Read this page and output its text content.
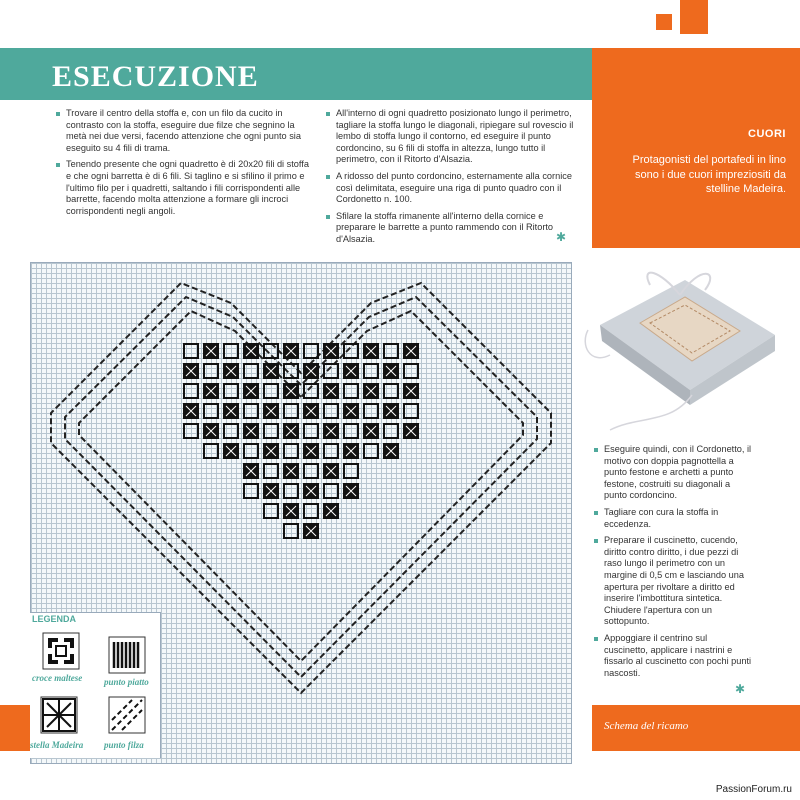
ESECUZIONE
CUORI
Protagonisti del portafedi in lino sono i due cuori impreziositi da stelline Madeira.
Trovare il centro della stoffa e, con un filo da cucito in contrasto con la stoffa, eseguire due filze che segnino la metà nei due versi, facendo attenzione che ogni punto sia eseguito su 4 fili di trama.
Tenendo presente che ogni quadretto è di 20x20 fili di stoffa e che ogni barretta è di 6 fili. Si taglino e si sfilino il primo e l'ultimo filo per i quadretti, saltando i fili corrispondenti alle barrette, facendo molta attenzione a formare gli incroci corrispondenti negli angoli.
All'interno di ogni quadretto posizionato lungo il perimetro, tagliare la stoffa lungo le diagonali, ripiegare sul rovescio il lembo di stoffa lungo il contorno, ed eseguire il punto cordoncino, su 6 fili di stoffa in altezza, lungo tutto il perimetro, con il Ritorto d'Alsazia.
A ridosso del punto cordoncino, esternamente alla cornice così delimitata, eseguire una riga di punto quadro con il Cordonetto n. 100.
Sfilare la stoffa rimanente all'interno della cornice e preparare le barrette a punto rammendo con il Ritorto d'Alsazia.	✱
LEGENDA
croce maltese punto piatto
stella Madeira punto filza
Eseguire quindi, con il Cordonetto, il motivo con doppia pagnottella a punto festone e archetti a punto festone, costruiti su diagonali a punto cordoncino.
Tagliare con cura la stoffa in eccedenza.
Preparare il cuscinetto, cucendo, diritto contro diritto, i due pezzi di raso lungo il perimetro con un margine di 0,5 cm e lasciando una apertura per rivoltare a diritto ed inserire l'imbottitura sintetica. Chiudere l'apertura con un sottopunto.
Appoggiare il centrino sul cuscinetto, applicare i nastrini e fissarlo al cuscinetto con pochi punti nascosti.
✱
Schema del ricamo
PassionForum.ru
